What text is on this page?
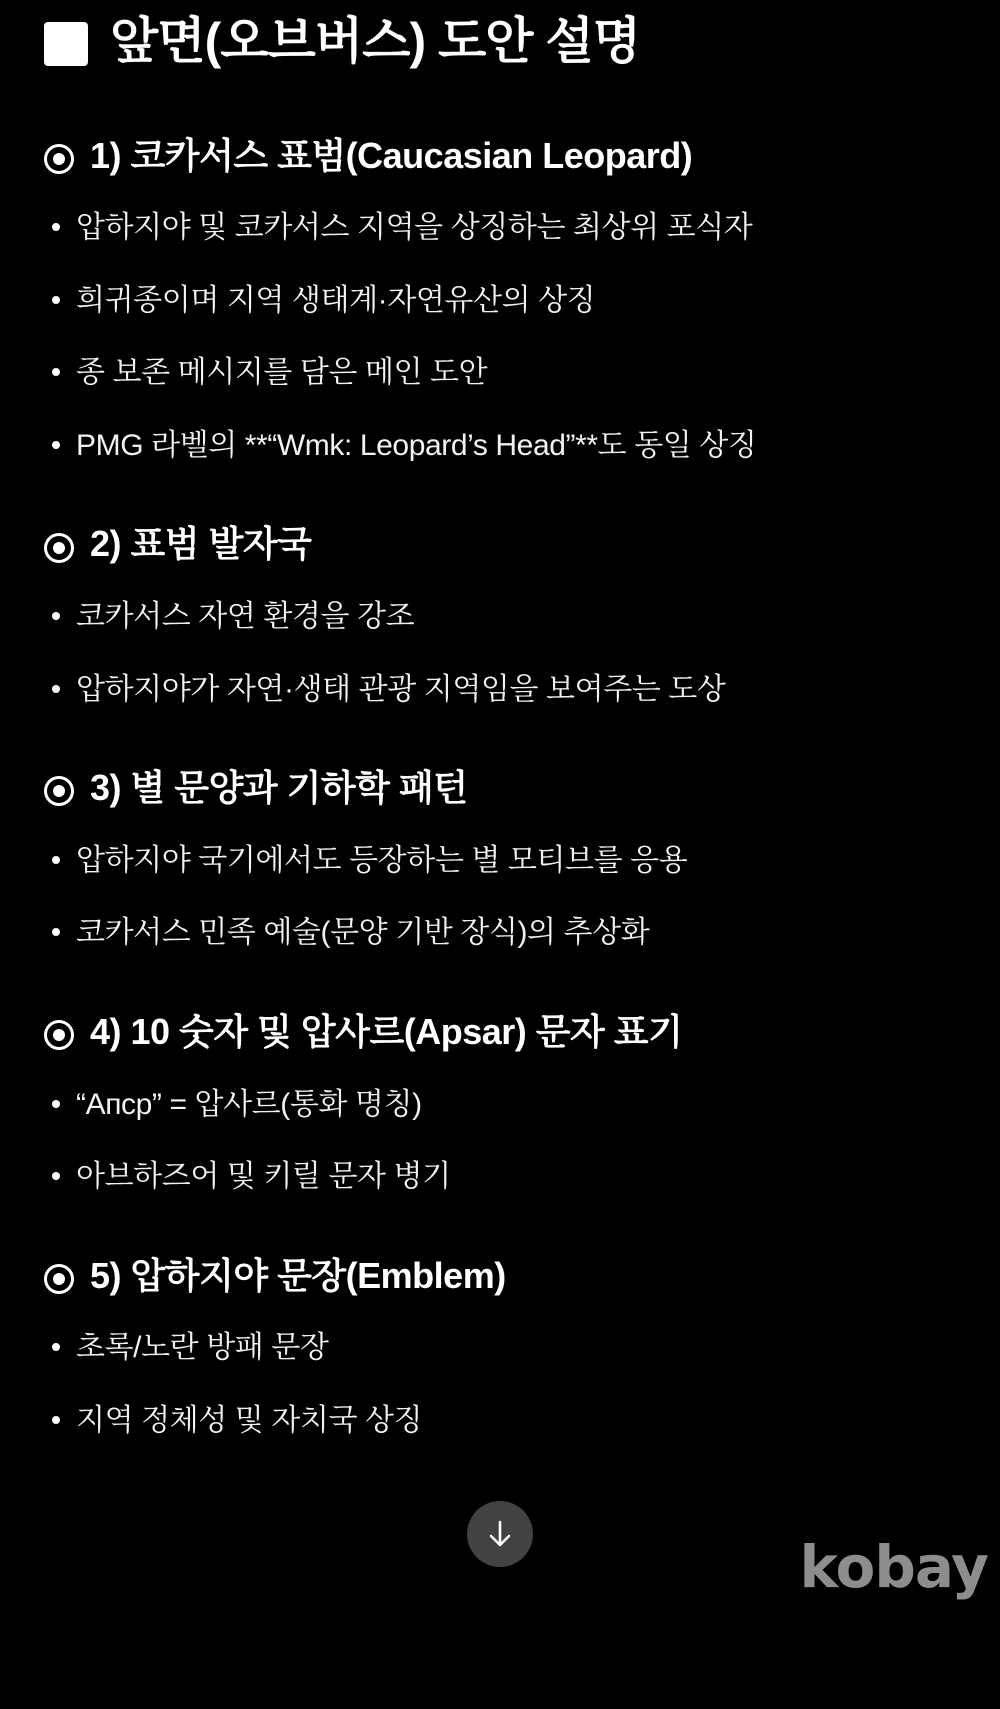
앞면(오브버스) 도안 설명
1) 코카서스 표범(Caucasian Leopard)
압하지야 및 코카서스 지역을 상징하는 최상위 포식자
희귀종이며 지역 생태계·자연유산의 상징
종 보존 메시지를 담은 메인 도안
PMG 라벨의 **“Wmk: Leopard’s Head”**도 동일 상징
2) 표범 발자국
코카서스 자연 환경을 강조
압하지야가 자연·생태 관광 지역임을 보여주는 도상
3) 별 문양과 기하학 패턴
압하지야 국기에서도 등장하는 별 모티브를 응용
코카서스 민족 예술(문양 기반 장식)의 추상화
4) 10 숫자 및 압사르(Apsar) 문자 표기
“Апср” = 압사르(통화 명칭)
아브하즈어 및 키릴 문자 병기
5) 압하지야 문장(Emblem)
초록/노란 방패 문장
지역 정체성 및 자치국 상징
kobay
